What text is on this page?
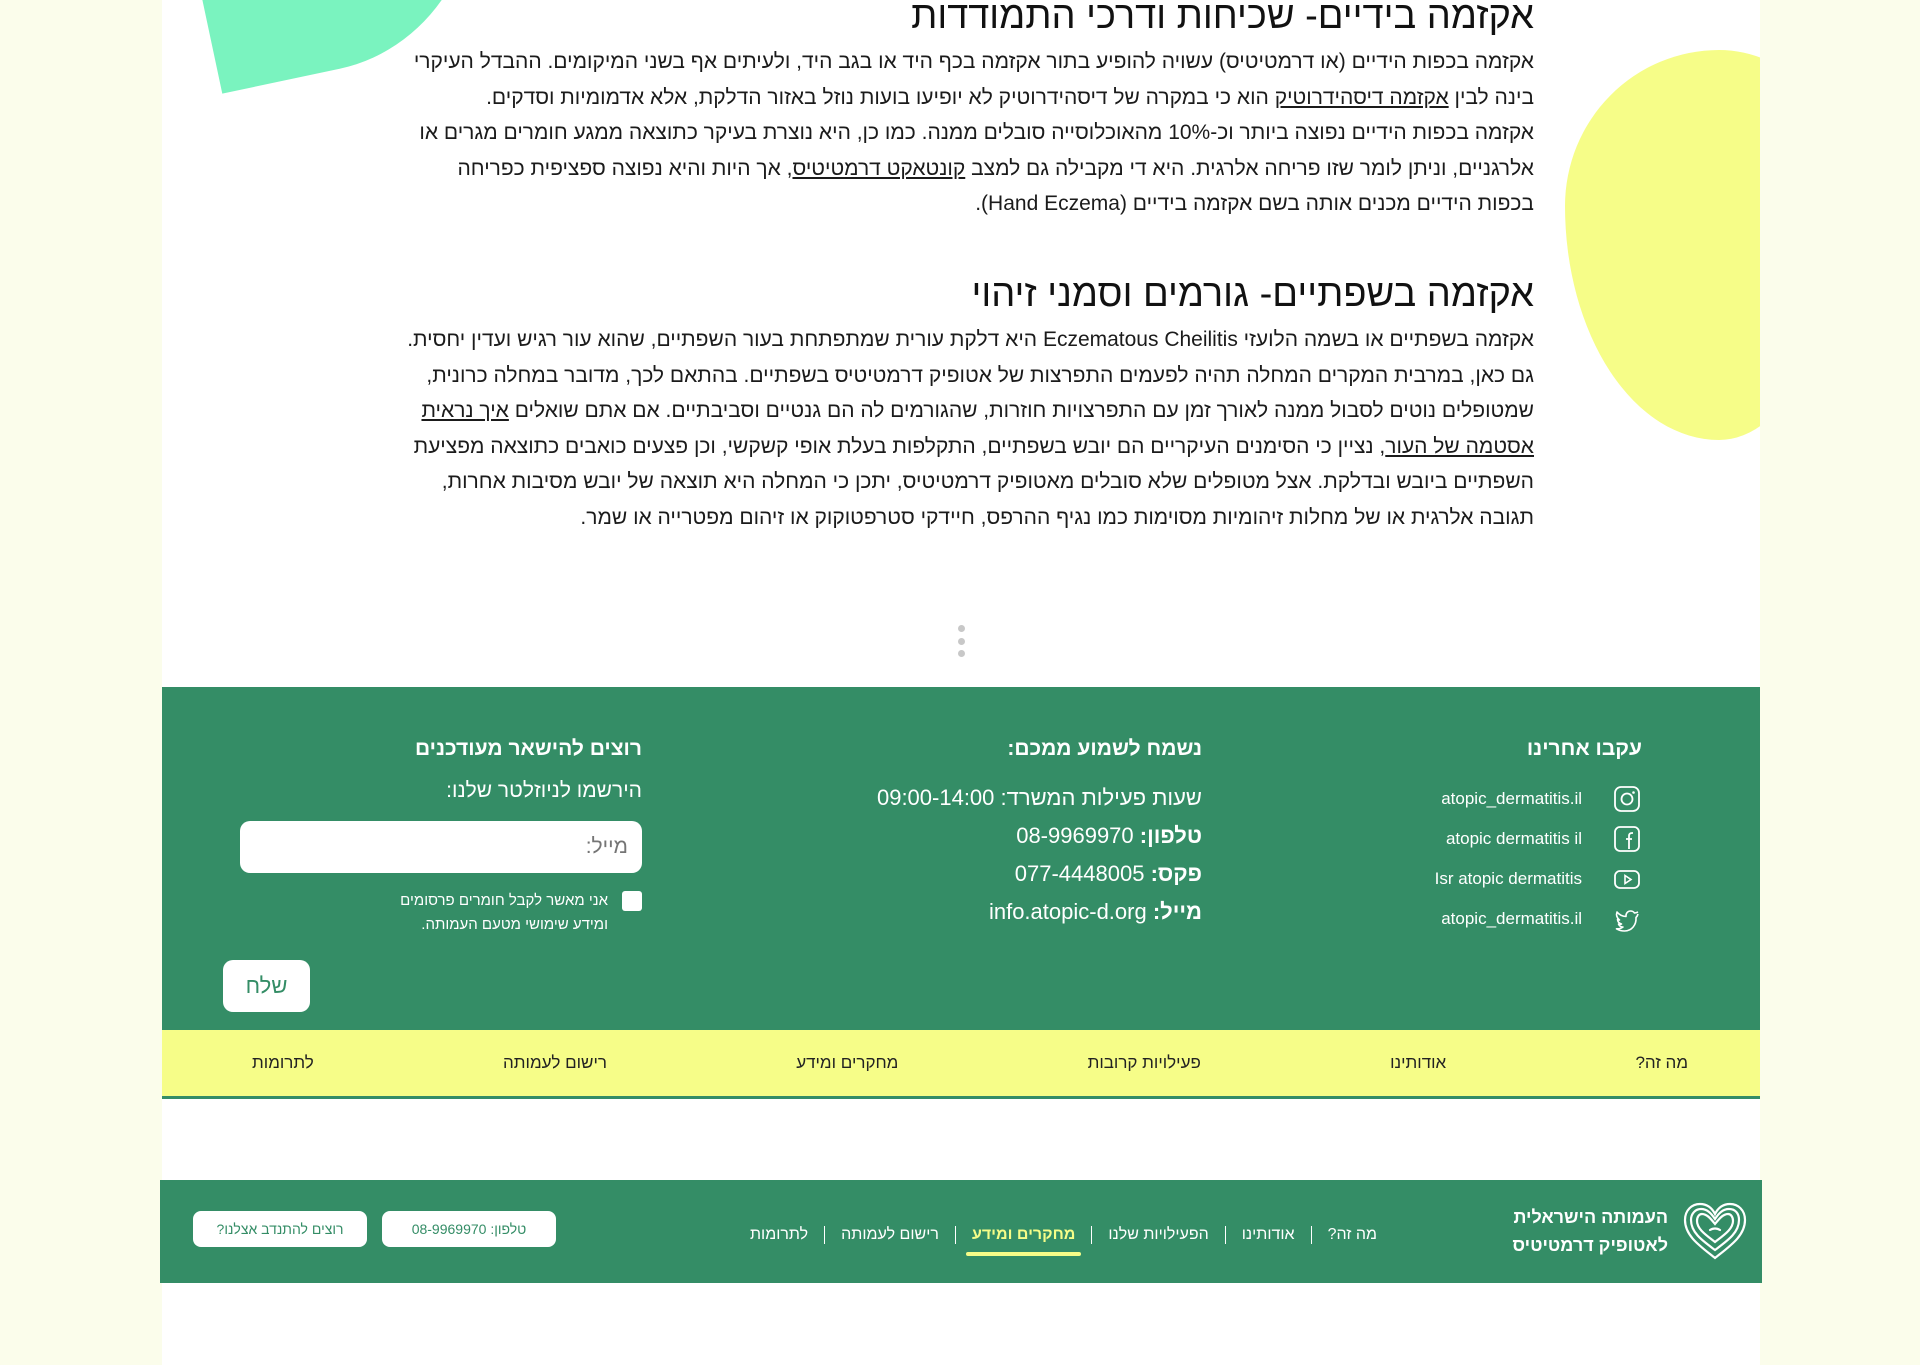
אקזמה בידיים- שכיחות ודרכי התמודדות

אקזמה בכפות הידיים (או דרמטיטיס) עשויה להופיע בתור אקזמה בכף היד או בגב היד, ולעיתים אף בשני המיקומים. ההבדל העיקרי בינה לבין אקזמה דיסהידרוטיק הוא כי במקרה של דיסהידרוטיק לא יופיעו בועות נוזל באזור הדלקת, אלא אדמומיות וסדקים.

אקזמה בכפות הידיים נפוצה ביותר וכ-10% מהאוכלוסייה סובלים ממנה. כמו כן, היא נוצרת בעיקר כתוצאה ממגע חומרים מגרים או אלרגניים, וניתן לומר שזו פריחה אלרגית. היא די מקבילה גם למצב קונטאקט דרמטיטיס, אך היות והיא נפוצה ספציפית כפריחה בכפות הידיים מכנים אותה בשם אקזמה בידיים (Hand Eczema).

אקזמה בשפתיים- גורמים וסמני זיהוי

אקזמה בשפתיים או בשמה הלועזי Eczematous Cheilitis היא דלקת עורית שמתפתחת בעור השפתיים, שהוא עור רגיש ועדין יחסית. גם כאן, במרבית המקרים המחלה תהיה לפעמים התפרצות של אטופיק דרמטיטיס בשפתיים. בהתאם לכך, מדובר במחלה כרונית, שמטופלים נוטים לסבול ממנה לאורך זמן עם התפרצויות חוזרות, שהגורמים לה הם גנטיים וסביבתיים. אם אתם שואלים איך נראית אסטמה של העור, נציין כי הסימנים העיקריים הם יובש בשפתיים, התקלפות בעלת אופי קשקשי, וכן פצעים כואבים כתוצאה מפציעת השפתיים ביובש ובדלקת. אצל מטופלים שלא סובלים מאטופיק דרמטיטיס, יתכן כי המחלה היא תוצאה של יובש מסיבות אחרות, תגובה אלרגית או של מחלות זיהומיות מסוימות כמו נגיף ההרפס, חיידקי סטרפטוקוק או זיהום מפטרייה או שמר.

עקבו אחרינו
atopic_dermatitis.il
atopic dermatitis il
Isr atopic dermatitis
atopic_dermatitis.il
נשמח לשמוע ממכם:
שעות פעילות המשרד: 09:00-14:00
טלפון: 08-9969970
פקס: 077-4448005
מייל: info.atopic-d.org
רוצים להישאר מעודכנים
הירשמו לניוזלטר שלנו:
מייל:
אני מאשר לקבל חומרים פרסומים
ומידע שימושי מטעם העמותה.
שלח
מה זה?
אודותינו
פעילויות קרובות
מחקרים ומידע
רישום לעמותה
לתרומות
העמותה הישראלית
לאטופיק דרמטיטיס
מה זה?
אודותינו
הפעילויות שלנו
מחקרים ומידע
רישום לעמותה
לתרומות
טלפון: 08-9969970
רוצים להתנדב אצלנו?
